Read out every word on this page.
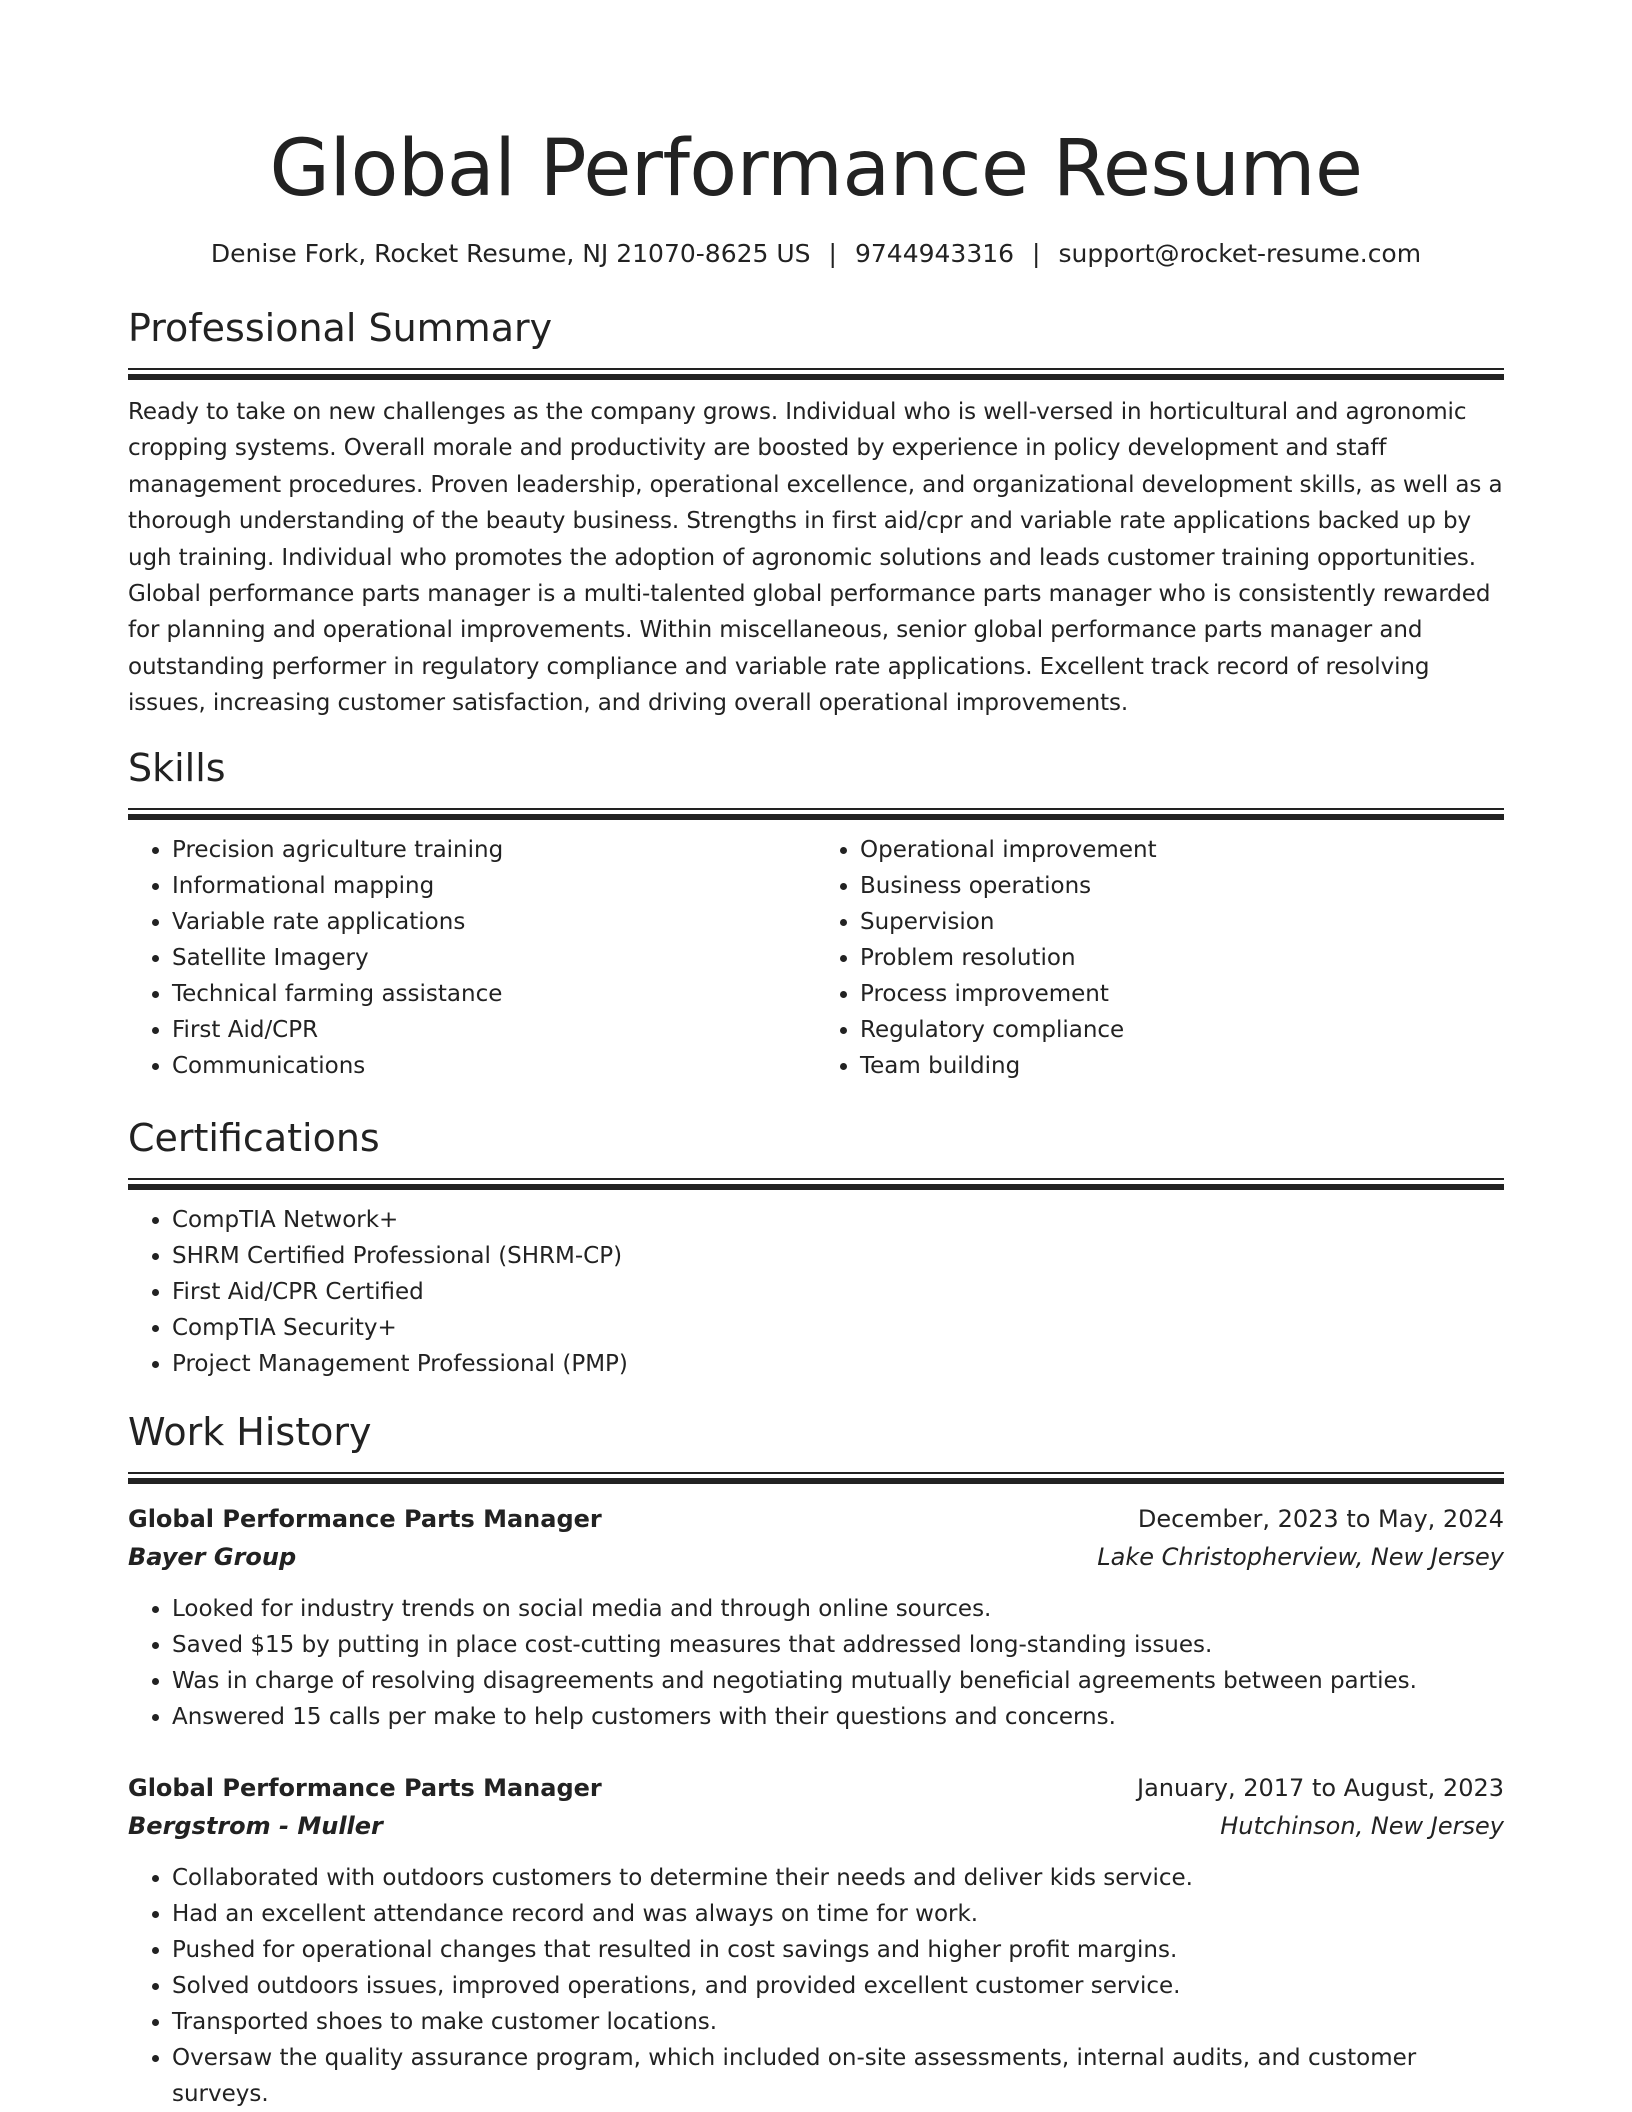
Global Performance Resume
Denise Fork, Rocket Resume, NJ 21070-8625 US | 9744943316 | support@rocket-resume.com
Professional Summary

Ready to take on new challenges as the company grows. Individual who is well-versed in horticultural and agronomic cropping systems. Overall morale and productivity are boosted by experience in policy development and staff management procedures. Proven leadership, operational excellence, and organizational development skills, as well as a thorough understanding of the beauty business. Strengths in first aid/cpr and variable rate applications backed up by ugh training. Individual who promotes the adoption of agronomic solutions and leads customer training opportunities. Global performance parts manager is a multi-talented global performance parts manager who is consistently rewarded for planning and operational improvements. Within miscellaneous, senior global performance parts manager and outstanding performer in regulatory compliance and variable rate applications. Excellent track record of resolving issues, increasing customer satisfaction, and driving overall operational improvements.

Skills
• Precision agriculture training
• Informational mapping
• Variable rate applications
• Satellite Imagery
• Technical farming assistance
• First Aid/CPR
• Communications
• Operational improvement
• Business operations
• Supervision
• Problem resolution
• Process improvement
• Regulatory compliance
• Team building
Certifications
• CompTIA Network+
• SHRM Certified Professional (SHRM-CP)
• First Aid/CPR Certified
• CompTIA Security+
• Project Management Professional (PMP)
Work History
Global Performance Parts Manager	December, 2023 to May, 2024
Bayer Group	Lake Christopherview, New Jersey
• Looked for industry trends on social media and through online sources.
• Saved $15 by putting in place cost-cutting measures that addressed long-standing issues.
• Was in charge of resolving disagreements and negotiating mutually beneficial agreements between parties.
• Answered 15 calls per make to help customers with their questions and concerns.
Global Performance Parts Manager	January, 2017 to August, 2023
Bergstrom - Muller	Hutchinson, New Jersey
• Collaborated with outdoors customers to determine their needs and deliver kids service.
• Had an excellent attendance record and was always on time for work.
• Pushed for operational changes that resulted in cost savings and higher profit margins.
• Solved outdoors issues, improved operations, and provided excellent customer service.
• Transported shoes to make customer locations.
• Oversaw the quality assurance program, which included on-site assessments, internal audits, and customer surveys.
